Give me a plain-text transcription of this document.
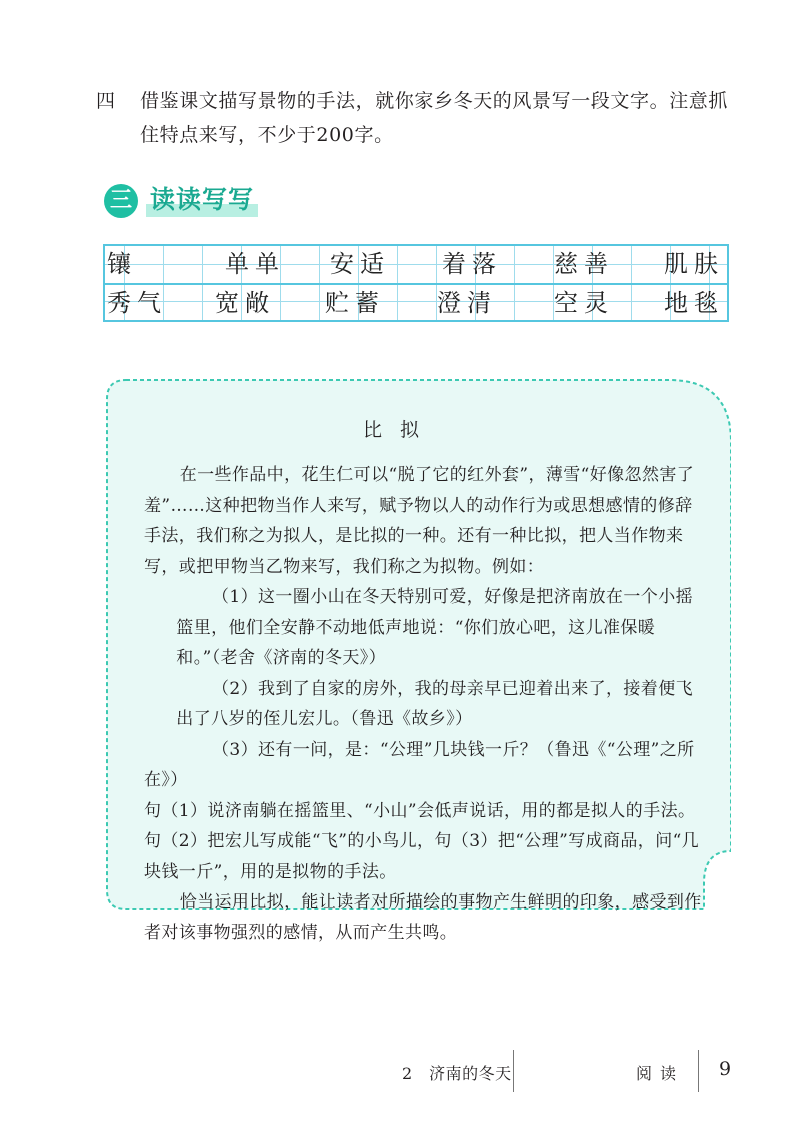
四 借鉴课文描写景物的手法，就你家乡冬天的风景写一段文字。注意抓住特点来写，不少于200字。
三 读读写写
镶	单单 安适 着落 慈善 肌肤
秀气 宽敞 贮蓄 澄清 空灵 地毯
比拟

在一些作品中，花生仁可以“脱了它的红外套”，薄雪“好像忽然害了羞”……这种把物当作人来写，赋予物以人的动作行为或思想感情的修辞手法，我们称之为拟人，是比拟的一种。还有一种比拟，把人当作物来写，或把甲物当乙物来写，我们称之为拟物。例如：

（1）这一圈小山在冬天特别可爱，好像是把济南放在一个小摇篮里，他们全安静不动地低声地说：“你们放心吧，这儿准保暖和。”（老舍《济南的冬天》）

（2）我到了自家的房外，我的母亲早已迎着出来了，接着便飞出了八岁的侄儿宏儿。（鲁迅《故乡》）

（3）还有一问，是：“公理”几块钱一斤？（鲁迅《“公理”之所在》）

句（1）说济南躺在摇篮里、“小山”会低声说话，用的都是拟人的手法。句（2）把宏儿写成能“飞”的小鸟儿，句（3）把“公理”写成商品，问“几块钱一斤”，用的是拟物的手法。

恰当运用比拟，能让读者对所描绘的事物产生鲜明的印象，感受到作者对该事物强烈的感情，从而产生共鸣。

2　济南的冬天	阅读 9
